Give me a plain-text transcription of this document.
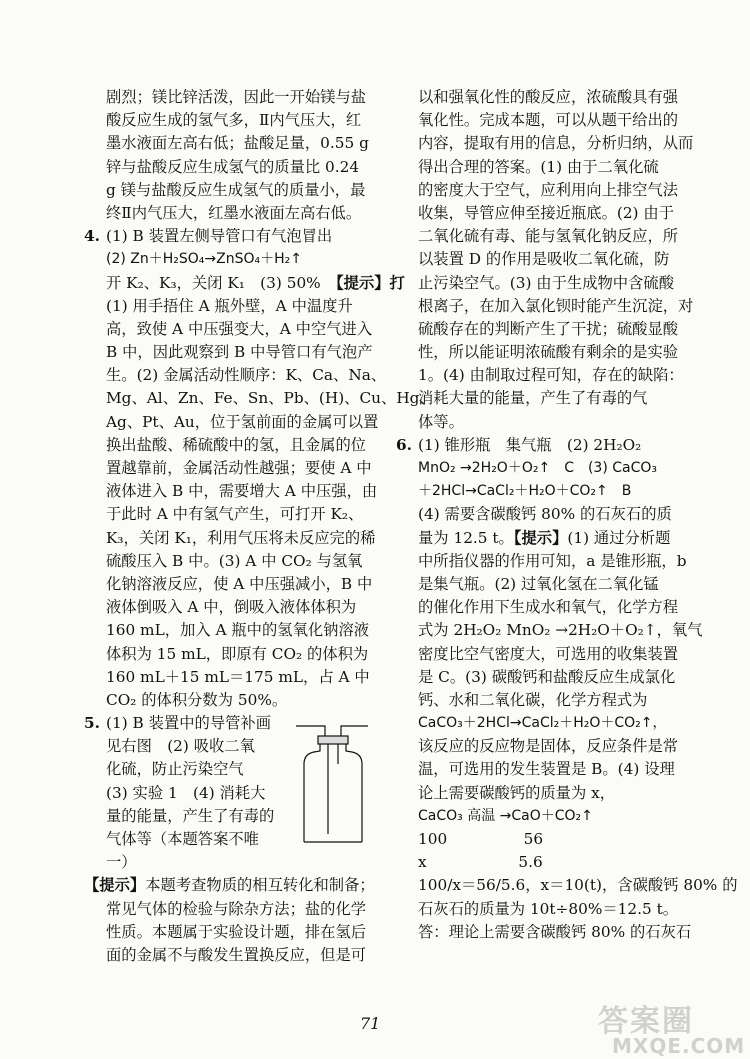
剧烈；镁比锌活泼，因此一开始镁与盐
酸反应生成的氢气多，Ⅱ内气压大，红
墨水液面左高右低；盐酸足量，0.55 g
锌与盐酸反应生成氢气的质量比 0.24
g 镁与盐酸反应生成氢气的质量小，最
终Ⅱ内气压大，红墨水液面左高右低。
4. (1) B 装置左侧导管口有气泡冒出
(2) Zn＋H₂SO₄→ZnSO₄＋H₂↑
开 K₂、K₃，关闭 K₁　(3) 50%　【提示】打
(1) 用手捂住 A 瓶外壁，A 中温度升
高，致使 A 中压强变大，A 中空气进入
B 中，因此观察到 B 中导管口有气泡产
生。(2) 金属活动性顺序：K、Ca、Na、
Mg、Al、Zn、Fe、Sn、Pb、(H)、Cu、Hg、
Ag、Pt、Au，位于氢前面的金属可以置
换出盐酸、稀硫酸中的氢，且金属的位
置越靠前，金属活动性越强；要使 A 中
液体进入 B 中，需要增大 A 中压强，由
于此时 A 中有氢气产生，可打开 K₂、
K₃，关闭 K₁，利用气压将未反应完的稀
硫酸压入 B 中。(3) A 中 CO₂ 与氢氧
化钠溶液反应，使 A 中压强减小，B 中
液体倒吸入 A 中，倒吸入液体体积为
160 mL，加入 A 瓶中的氢氧化钠溶液
体积为 15 mL，即原有 CO₂ 的体积为
160 mL＋15 mL＝175 mL，占 A 中
CO₂ 的体积分数为 50%。
5. (1) B 装置中的导管补画
见右图　(2) 吸收二氧
化硫，防止污染空气
(3) 实验 1　(4) 消耗大
量的能量，产生了有毒的
气体等（本题答案不唯
一）
【提示】本题考查物质的相互转化和制备；
常见气体的检验与除杂方法；盐的化学
性质。本题属于实验设计题，排在氢后
面的金属不与酸发生置换反应，但是可
以和强氧化性的酸反应，浓硫酸具有强
氧化性。完成本题，可以从题干给出的
内容，提取有用的信息，分析归纳，从而
得出合理的答案。(1) 由于二氧化硫
的密度大于空气，应利用向上排空气法
收集，导管应伸至接近瓶底。(2) 由于
二氧化硫有毒、能与氢氧化钠反应，所
以装置 D 的作用是吸收二氧化硫，防
止污染空气。(3) 由于生成物中含硫酸
根离子，在加入氯化钡时能产生沉淀，对
硫酸存在的判断产生了干扰；硫酸显酸
性，所以能证明浓硫酸有剩余的是实验
1。(4) 由制取过程可知，存在的缺陷：
消耗大量的能量，产生了有毒的气
体等。
6. (1) 锥形瓶　集气瓶　(2) 2H₂O₂
MnO₂ →2H₂O＋O₂↑　C　(3) CaCO₃
＋2HCl→CaCl₂＋H₂O＋CO₂↑　B
(4) 需要含碳酸钙 80% 的石灰石的质
量为 12.5 t。【提示】(1) 通过分析题
中所指仪器的作用可知，a 是锥形瓶，b
是集气瓶。(2) 过氧化氢在二氧化锰
的催化作用下生成水和氧气，化学方程
式为 2H₂O₂ MnO₂ →2H₂O＋O₂↑，氧气
密度比空气密度大，可选用的收集装置
是 C。(3) 碳酸钙和盐酸反应生成氯化
钙、水和二氧化碳，化学方程式为
CaCO₃＋2HCl→CaCl₂＋H₂O＋CO₂↑，
该反应的反应物是固体，反应条件是常
温，可选用的发生装置是 B。(4) 设理
论上需要碳酸钙的质量为 x，
CaCO₃ 高温 →CaO＋CO₂↑
100　　　　　56
x　　　　　　5.6
100/x＝56/5.6，x＝10(t)，含碳酸钙 80% 的
石灰石的质量为 10t÷80%＝12.5 t。
答：理论上需要含碳酸钙 80% 的石灰石
71	答案圈
MXQE.COM
